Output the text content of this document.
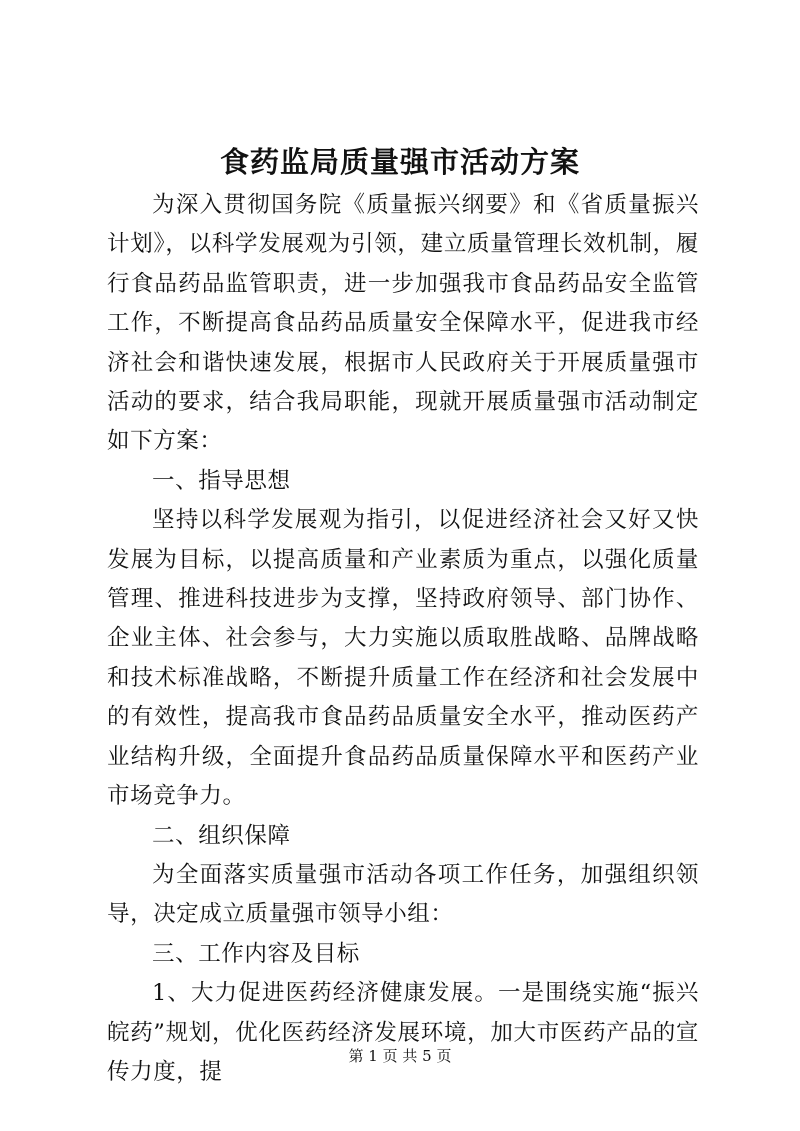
食药监局质量强市活动方案

为深入贯彻国务院《质量振兴纲要》和《省质量振兴计划》，以科学发展观为引领，建立质量管理长效机制，履行食品药品监管职责，进一步加强我市食品药品安全监管工作，不断提高食品药品质量安全保障水平，促进我市经济社会和谐快速发展，根据市人民政府关于开展质量强市活动的要求，结合我局职能，现就开展质量强市活动制定如下方案：

一、指导思想

坚持以科学发展观为指引，以促进经济社会又好又快发展为目标，以提高质量和产业素质为重点，以强化质量管理、推进科技进步为支撑，坚持政府领导、部门协作、企业主体、社会参与，大力实施以质取胜战略、品牌战略和技术标准战略，不断提升质量工作在经济和社会发展中的有效性，提高我市食品药品质量安全水平，推动医药产业结构升级，全面提升食品药品质量保障水平和医药产业市场竞争力。

二、组织保障

为全面落实质量强市活动各项工作任务，加强组织领导，决定成立质量强市领导小组：

三、工作内容及目标

1、大力促进医药经济健康发展。一是围绕实施“振兴皖药”规划，优化医药经济发展环境，加大市医药产品的宣传力度，提

第 1 页 共 5 页
